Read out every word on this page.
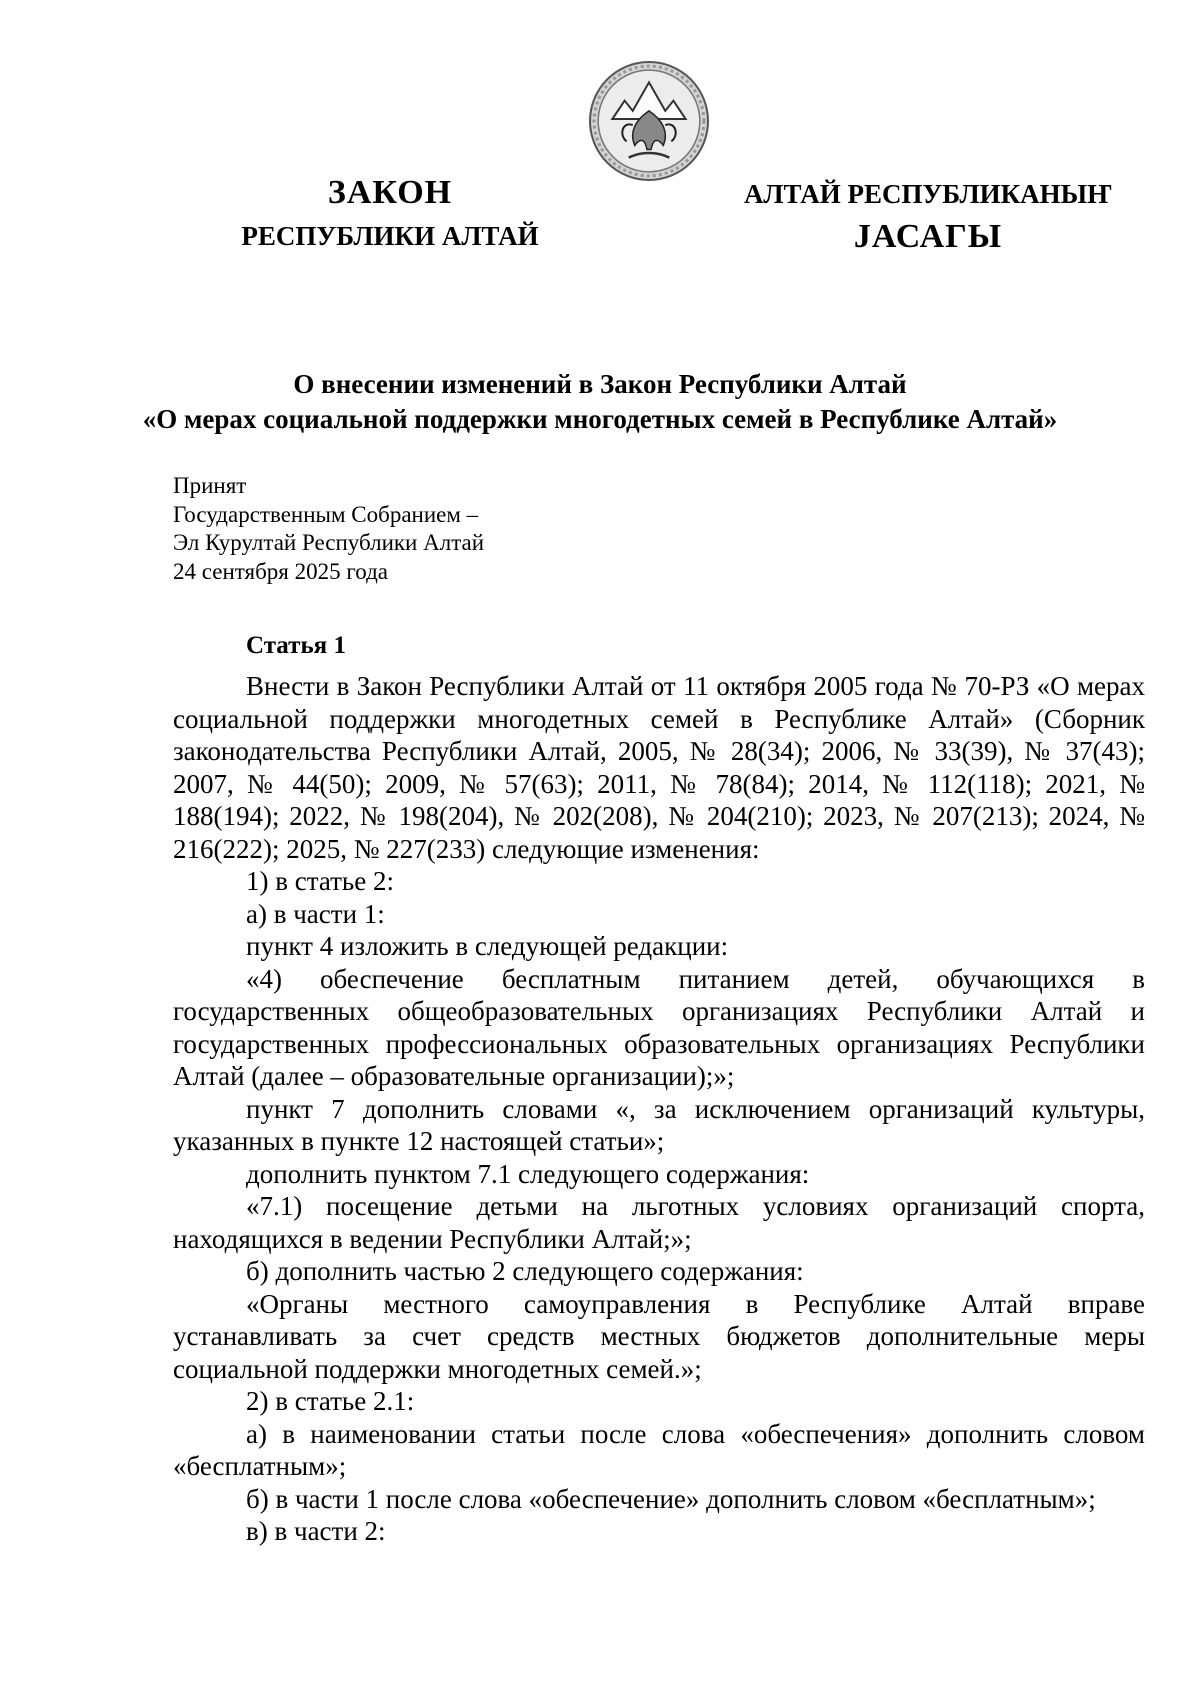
ЗАКОН
РЕСПУБЛИКИ АЛТАЙ
АЛТАЙ РЕСПУБЛИКАНЫҤ
ЈАСАГЫ
О внесении изменений в Закон Республики Алтай
«О мерах социальной поддержки многодетных семей в Республике Алтай»
Принят
Государственным Собранием –
Эл Курултай Республики Алтай
24 сентября 2025 года
Статья 1

Внести в Закон Республики Алтай от 11 октября 2005 года № 70-РЗ «О мерах социальной поддержки многодетных семей в Республике Алтай» (Сборник законодательства Республики Алтай, 2005, № 28(34); 2006, № 33(39), № 37(43); 2007, № 44(50); 2009, № 57(63); 2011, № 78(84); 2014, № 112(118); 2021, № 188(194); 2022, № 198(204), № 202(208), № 204(210); 2023, № 207(213); 2024, № 216(222); 2025, № 227(233) следующие изменения:

1) в статье 2:

а) в части 1:

пункт 4 изложить в следующей редакции:

«4) обеспечение бесплатным питанием детей, обучающихся в государственных общеобразовательных организациях Республики Алтай и государственных профессиональных образовательных организациях Республики Алтай (далее – образовательные организации);»;

пункт 7 дополнить словами «, за исключением организаций культуры, указанных в пункте 12 настоящей статьи»;

дополнить пунктом 7.1 следующего содержания:

«7.1) посещение детьми на льготных условиях организаций спорта, находящихся в ведении Республики Алтай;»;

б) дополнить частью 2 следующего содержания:

«Органы местного самоуправления в Республике Алтай вправе устанавливать за счет средств местных бюджетов дополнительные меры социальной поддержки многодетных семей.»;

2) в статье 2.1:

а) в наименовании статьи после слова «обеспечения» дополнить словом «бесплатным»;

б) в части 1 после слова «обеспечение» дополнить словом «бесплатным»;

в) в части 2:
